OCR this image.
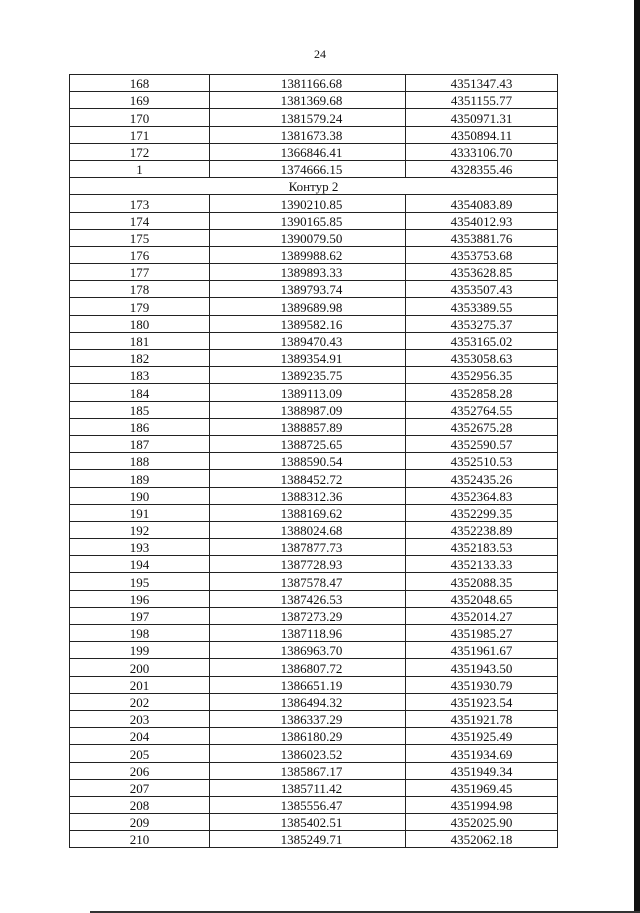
24
168	1381166.68	4351347.43
169	1381369.68	4351155.77
170	1381579.24	4350971.31
171	1381673.38	4350894.11
172	1366846.41	4333106.70
1	1374666.15	4328355.46
Контур 2		
173	1390210.85	4354083.89
174	1390165.85	4354012.93
175	1390079.50	4353881.76
176	1389988.62	4353753.68
177	1389893.33	4353628.85
178	1389793.74	4353507.43
179	1389689.98	4353389.55
180	1389582.16	4353275.37
181	1389470.43	4353165.02
182	1389354.91	4353058.63
183	1389235.75	4352956.35
184	1389113.09	4352858.28
185	1388987.09	4352764.55
186	1388857.89	4352675.28
187	1388725.65	4352590.57
188	1388590.54	4352510.53
189	1388452.72	4352435.26
190	1388312.36	4352364.83
191	1388169.62	4352299.35
192	1388024.68	4352238.89
193	1387877.73	4352183.53
194	1387728.93	4352133.33
195	1387578.47	4352088.35
196	1387426.53	4352048.65
197	1387273.29	4352014.27
198	1387118.96	4351985.27
199	1386963.70	4351961.67
200	1386807.72	4351943.50
201	1386651.19	4351930.79
202	1386494.32	4351923.54
203	1386337.29	4351921.78
204	1386180.29	4351925.49
205	1386023.52	4351934.69
206	1385867.17	4351949.34
207	1385711.42	4351969.45
208	1385556.47	4351994.98
209	1385402.51	4352025.90
210	1385249.71	4352062.18
